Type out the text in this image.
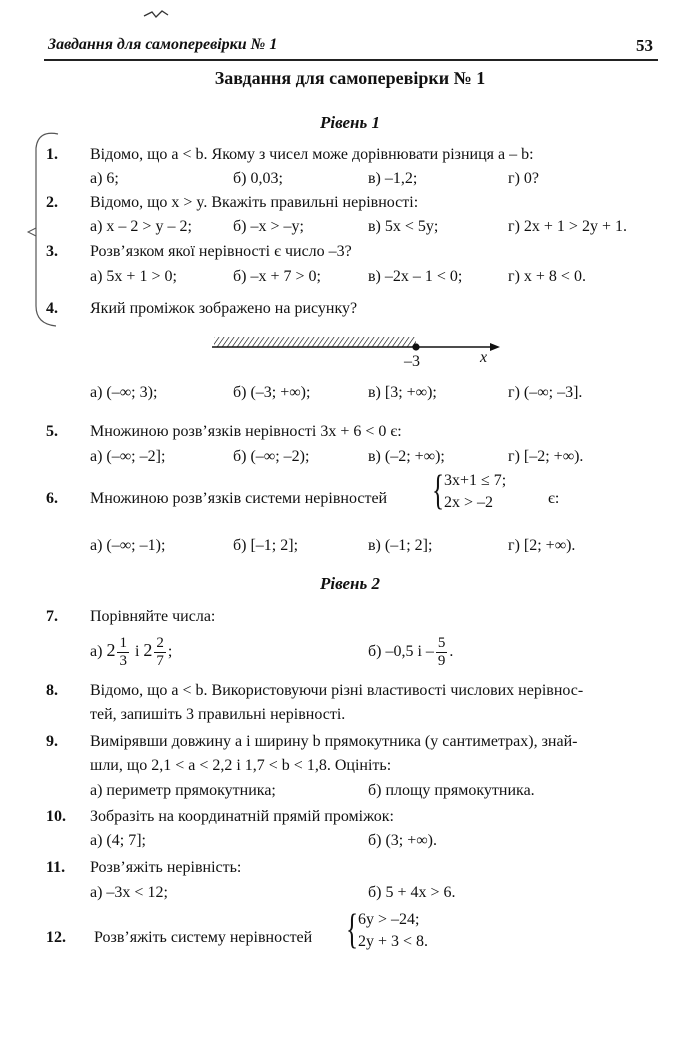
Завдання для самоперевірки № 1	53
Завдання для самоперевірки № 1
Рівень 1
1.	Відомо, що a < b. Якому з чисел може дорівнювати різниця a – b:
а) 6;	б) 0,03;	в) –1,2;	г) 0?
2.	Відомо, що x > y. Вкажіть правильні нерівності:
а) x – 2 > y – 2;	б) –x > –y;	в) 5x < 5y;	г) 2x + 1 > 2y + 1.
3.	Розв’язком якої нерівності є число –3?
а) 5x + 1 > 0;	б) –x + 7 > 0;	в) –2x – 1 < 0;	г) x + 8 < 0.
4.	Який проміжок зображено на рисунку?
–3	x
а) (–∞; 3);	б) (–3; +∞);	в) [3; +∞);	г) (–∞; –3].
5.	Множиною розв’язків нерівності 3x + 6 < 0 є:
а) (–∞; –2];	б) (–∞; –2);	в) (–2; +∞);	г) [–2; +∞).
6.	Множиною розв’язків системи нерівностей { 3x+1 ≤ 7;
2x > –2	є:
а) (–∞; –1);	б) [–1; 2];	в) (–1; 2];	г) [2; +∞).
Рівень 2
7.	Порівняйте числа:
а) $2 \frac{1}{3}$ і $2 \frac{2}{7}$ ;	б) –0,5 і – $\frac{5}{9}$ .
8.	Відомо, що a < b. Використовуючи різні властивості числових нерівнос-
тей, запишіть 3 правильні нерівності.
9.	Вимірявши довжину a і ширину b прямокутника (у сантиметрах), знай-
шли, що 2,1 < a < 2,2 і 1,7 < b < 1,8. Оцініть:
а) периметр прямокутника;	б) площу прямокутника.
10.	Зобразіть на координатній прямій проміжок:
а) (4; 7];	б) (3; +∞).
11.	Розв’яжіть нерівність:
а) –3x < 12;	б) 5 + 4x > 6.
12.	Розв’яжіть систему нерівностей { 6y > –24;
2y + 3 < 8.
